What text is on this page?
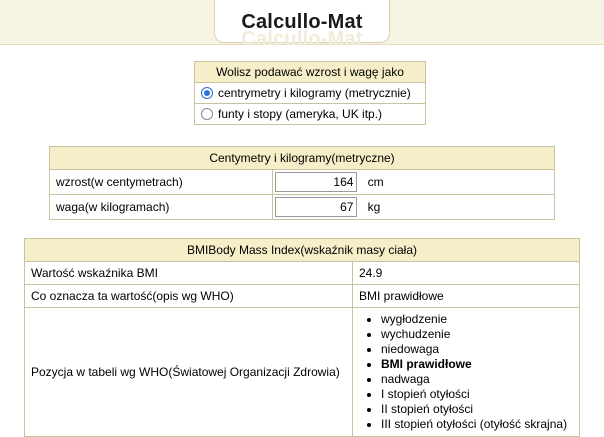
Calcullo-Mat
Calcullo-Mat
Wolisz podawać wzrost i wagę jako
centrymetry i kilogramy (metrycznie)
funty i stopy (ameryka, UK itp.)
Centymetry i kilogramy(metryczne)		
wzrost(w centymetrach)	164	cm
waga(w kilogramach)	67	kg
BMIBody Mass Index(wskaźnik masy ciała)	
Wartość wskaźnika BMI	24.9
Co oznacza ta wartość(opis wg WHO)	BMI prawidłowe
Pozycja w tabeli wg WHO(Światowej Organizacji Zdrowia)	
• wygłodzenie
• wychudzenie
• niedowaga
• BMI prawidłowe
• nadwaga
• I stopień otyłości
• II stopień otyłości
• III stopień otyłości (otyłość skrajna)
